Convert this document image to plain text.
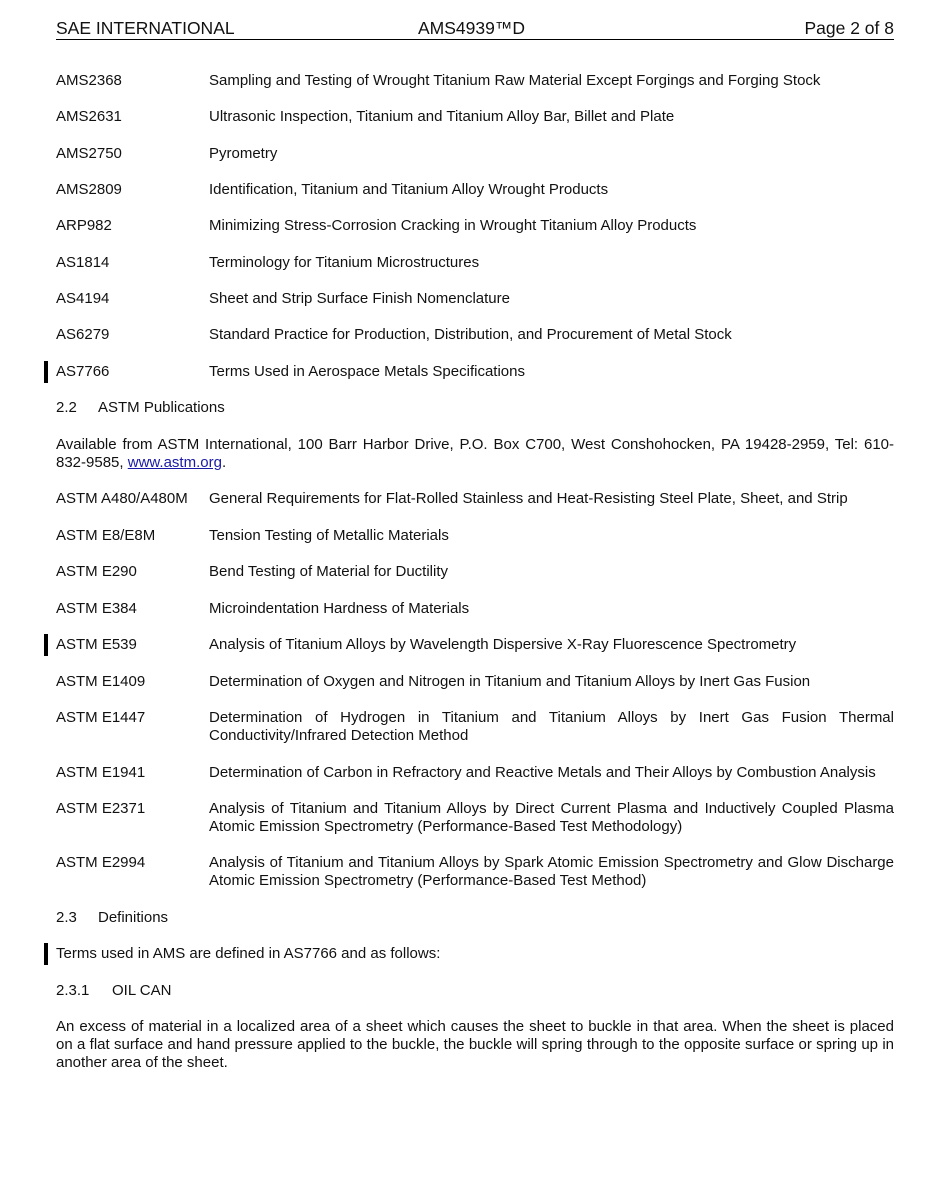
SAE INTERNATIONAL	AMS4939™D	Page 2 of 8
AMS2368	Sampling and Testing of Wrought Titanium Raw Material Except Forgings and Forging Stock
AMS2631	Ultrasonic Inspection, Titanium and Titanium Alloy Bar, Billet and Plate
AMS2750	Pyrometry
AMS2809	Identification, Titanium and Titanium Alloy Wrought Products
ARP982	Minimizing Stress-Corrosion Cracking in Wrought Titanium Alloy Products
AS1814	Terminology for Titanium Microstructures
AS4194	Sheet and Strip Surface Finish Nomenclature
AS6279	Standard Practice for Production, Distribution, and Procurement of Metal Stock
AS7766	Terms Used in Aerospace Metals Specifications
2.2 ASTM Publications
Available from ASTM International, 100 Barr Harbor Drive, P.O. Box C700, West Conshohocken, PA 19428-2959, Tel: 610-832-9585, www.astm.org.
ASTM A480/A480M General Requirements for Flat-Rolled Stainless and Heat-Resisting Steel Plate, Sheet, and Strip
ASTM E8/E8M	Tension Testing of Metallic Materials
ASTM E290	Bend Testing of Material for Ductility
ASTM E384	Microindentation Hardness of Materials
ASTM E539	Analysis of Titanium Alloys by Wavelength Dispersive X-Ray Fluorescence Spectrometry
ASTM E1409	Determination of Oxygen and Nitrogen in Titanium and Titanium Alloys by Inert Gas Fusion
ASTM E1447	Determination of Hydrogen in Titanium and Titanium Alloys by Inert Gas Fusion Thermal Conductivity/Infrared Detection Method
ASTM E1941	Determination of Carbon in Refractory and Reactive Metals and Their Alloys by Combustion Analysis
ASTM E2371	Analysis of Titanium and Titanium Alloys by Direct Current Plasma and Inductively Coupled Plasma Atomic Emission Spectrometry (Performance-Based Test Methodology)
ASTM E2994	Analysis of Titanium and Titanium Alloys by Spark Atomic Emission Spectrometry and Glow Discharge Atomic Emission Spectrometry (Performance-Based Test Method)
2.3 Definitions
Terms used in AMS are defined in AS7766 and as follows:
2.3.1 OIL CAN
An excess of material in a localized area of a sheet which causes the sheet to buckle in that area. When the sheet is placed on a flat surface and hand pressure applied to the buckle, the buckle will spring through to the opposite surface or spring up in another area of the sheet.
